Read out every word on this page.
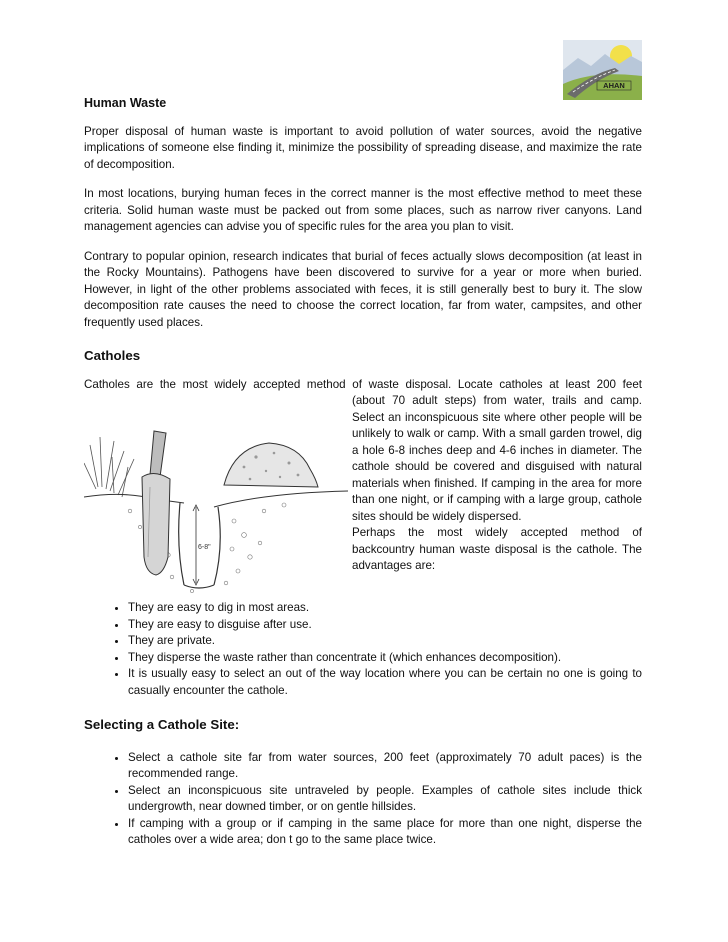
AHAN
Human Waste

Proper disposal of human waste is important to avoid pollution of water sources, avoid the negative implications of someone else finding it, minimize the possibility of spreading disease, and maximize the rate of decomposition.

In most locations, burying human feces in the correct manner is the most effective method to meet these criteria. Solid human waste must be packed out from some places, such as narrow river canyons. Land management agencies can advise you of specific rules for the area you plan to visit.

Contrary to popular opinion, research indicates that burial of feces actually slows decomposition (at least in the Rocky Mountains). Pathogens have been discovered to survive for a year or more when buried. However, in light of the other problems associated with feces, it is still generally best to bury it. The slow decomposition rate causes the need to choose the correct location, far from water, campsites, and other frequently used places.

Catholes

Catholes are the most widely accepted method of waste disposal. Locate catholes at least 200 feet

6-8"
(about 70 adult steps) from water, trails and camp. Select an inconspicuous site where other people will be unlikely to walk or camp. With a small garden trowel, dig a hole 6-8 inches deep and 4-6 inches in diameter. The cathole should be covered and disguised with natural materials when finished. If camping in the area for more than one night, or if camping with a large group, cathole sites should be widely dispersed.
Perhaps the most widely accepted method of backcountry human waste disposal is the cathole. The advantages are:
• They are easy to dig in most areas.
• They are easy to disguise after use.
• They are private.
• They disperse the waste rather than concentrate it (which enhances decomposition).
• It is usually easy to select an out of the way location where you can be certain no one is going to casually encounter the cathole.
Selecting a Cathole Site:
• Select a cathole site far from water sources, 200 feet (approximately 70 adult paces) is the recommended range.
• Select an inconspicuous site untraveled by people. Examples of cathole sites include thick undergrowth, near downed timber, or on gentle hillsides.
• If camping with a group or if camping in the same place for more than one night, disperse the catholes over a wide area; don t go to the same place twice.
